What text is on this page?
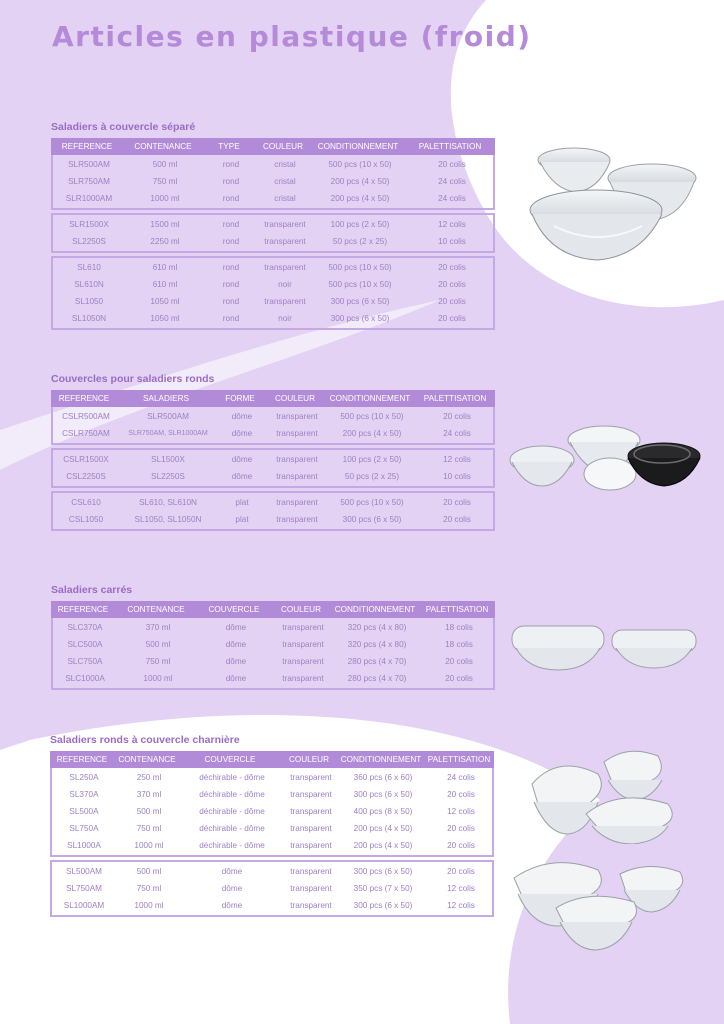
Articles en plastique (froid)
Saladiers à couvercle séparé
REFERENCE	CONTENANCE	TYPE	COULEUR	CONDITIONNEMENT	PALETTISATION
SLR500AM	500 ml	rond	cristal	500 pcs (10 x 50)	20 colis
SLR750AM	750 ml	rond	cristal	200 pcs (4 x 50)	24 colis
SLR1000AM	1000 ml	rond	cristal	200 pcs (4 x 50)	24 colis
SLR1500X	1500 ml	rond	transparent	100 pcs (2 x 50)	12 colis
SL2250S	2250 ml	rond	transparent	50 pcs (2 x 25)	10 colis
SL610	610 ml	rond	transparent	500 pcs (10 x 50)	20 colis
SL610N	610 ml	rond	noir	500 pcs (10 x 50)	20 colis
SL1050	1050 ml	rond	transparent	300 pcs (6 x 50)	20 colis
SL1050N	1050 ml	rond	noir	300 pcs (6 x 50)	20 colis
Couvercles pour saladiers ronds
REFERENCE	SALADIERS	FORME	COULEUR	CONDITIONNEMENT	PALETTISATION
CSLR500AM	SLR500AM	dôme	transparent	500 pcs (10 x 50)	20 colis
CSLR750AM	SLR750AM, SLR1000AM	dôme	transparent	200 pcs (4 x 50)	24 colis
CSLR1500X	SL1500X	dôme	transparent	100 pcs (2 x 50)	12 colis
CSL2250S	SL2250S	dôme	transparent	50 pcs (2 x 25)	10 colis
CSL610	SL610, SL610N	plat	transparent	500 pcs (10 x 50)	20 colis
CSL1050	SL1050, SL1050N	plat	transparent	300 pcs (6 x 50)	20 colis
Saladiers carrés
REFERENCE	CONTENANCE	COUVERCLE	COULEUR	CONDITIONNEMENT	PALETTISATION
SLC370A	370 ml	dôme	transparent	320 pcs (4 x 80)	18 colis
SLC500A	500 ml	dôme	transparent	320 pcs (4 x 80)	18 colis
SLC750A	750 ml	dôme	transparent	280 pcs (4 x 70)	20 colis
SLC1000A	1000 ml	dôme	transparent	280 pcs (4 x 70)	20 colis
Saladiers ronds à couvercle charnière
REFERENCE	CONTENANCE	COUVERCLE	COULEUR	CONDITIONNEMENT PALETTISATION
SL250A	250 ml	déchirable - dôme	transparent	360 pcs (6 x 60)	24 colis
SL370A	370 ml	déchirable - dôme	transparent	300 pcs (6 x 50)	20 colis
SL500A	500 ml	déchirable - dôme	transparent	400 pcs (8 x 50)	12 colis
SL750A	750 ml	déchirable - dôme	transparent	200 pcs (4 x 50)	20 colis
SL1000A	1000 ml	déchirable - dôme	transparent	200 pcs (4 x 50)	20 colis
SL500AM	500 ml	dôme	transparent	300 pcs (6 x 50)	20 colis
SL750AM	750 ml	dôme	transparent	350 pcs (7 x 50)	12 colis
SL1000AM	1000 ml	dôme	transparent	300 pcs (6 x 50)	12 colis
